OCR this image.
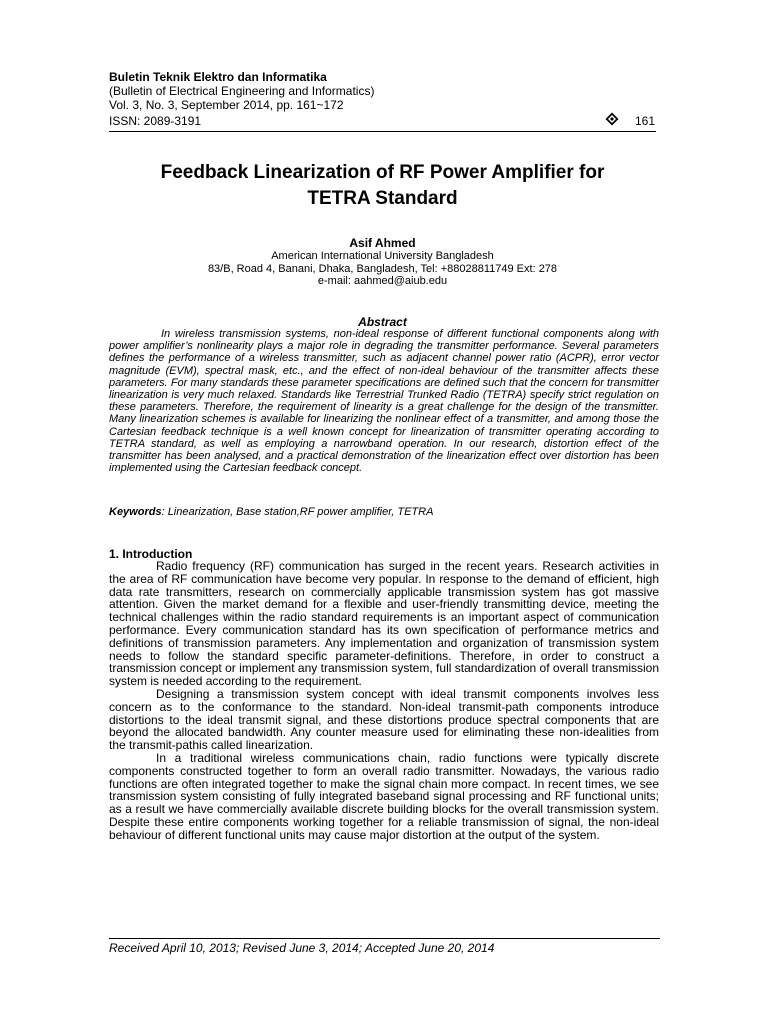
Buletin Teknik Elektro dan Informatika
(Bulletin of Electrical Engineering and Informatics)
Vol. 3, No. 3, September 2014, pp. 161~172
ISSN: 2089-3191	161
Feedback Linearization of RF Power Amplifier for
TETRA Standard
Asif Ahmed
American International University Bangladesh
83/B, Road 4, Banani, Dhaka, Bangladesh, Tel: +88028811749 Ext: 278
e-mail: aahmed@aiub.edu
Abstract

In wireless transmission systems, non-ideal response of different functional components along with power amplifier’s nonlinearity plays a major role in degrading the transmitter performance. Several parameters defines the performance of a wireless transmitter, such as adjacent channel power ratio (ACPR), error vector magnitude (EVM), spectral mask, etc., and the effect of non-ideal behaviour of the transmitter affects these parameters. For many standards these parameter specifications are defined such that the concern for transmitter linearization is very much relaxed. Standards like Terrestrial Trunked Radio (TETRA) specify strict regulation on these parameters. Therefore, the requirement of linearity is a great challenge for the design of the transmitter. Many linearization schemes is available for linearizing the nonlinear effect of a transmitter, and among those the Cartesian feedback technique is a well known concept for linearization of transmitter operating according to TETRA standard, as well as employing a narrowband operation. In our research, distortion effect of the transmitter has been analysed, and a practical demonstration of the linearization effect over distortion has been implemented using the Cartesian feedback concept.

Keywords: Linearization, Base station,RF power amplifier, TETRA
1. Introduction

Radio frequency (RF) communication has surged in the recent years. Research activities in the area of RF communication have become very popular. In response to the demand of efficient, high data rate transmitters, research on commercially applicable transmission system has got massive attention. Given the market demand for a flexible and user-friendly transmitting device, meeting the technical challenges within the radio standard requirements is an important aspect of communication performance. Every communication standard has its own specification of performance metrics and definitions of transmission parameters. Any implementation and organization of transmission system needs to follow the standard specific parameter-definitions. Therefore, in order to construct a transmission concept or implement any transmission system, full standardization of overall transmission system is needed according to the requirement.

Designing a transmission system concept with ideal transmit components involves less concern as to the conformance to the standard. Non-ideal transmit-path components introduce distortions to the ideal transmit signal, and these distortions produce spectral components that are beyond the allocated bandwidth. Any counter measure used for eliminating these non-idealities from the transmit-pathis called linearization.

In a traditional wireless communications chain, radio functions were typically discrete components constructed together to form an overall radio transmitter. Nowadays, the various radio functions are often integrated together to make the signal chain more compact. In recent times, we see transmission system consisting of fully integrated baseband signal processing and RF functional units; as a result we have commercially available discrete building blocks for the overall transmission system. Despite these entire components working together for a reliable transmission of signal, the non-ideal behaviour of different functional units may cause major distortion at the output of the system.

Received April 10, 2013; Revised June 3, 2014; Accepted June 20, 2014
